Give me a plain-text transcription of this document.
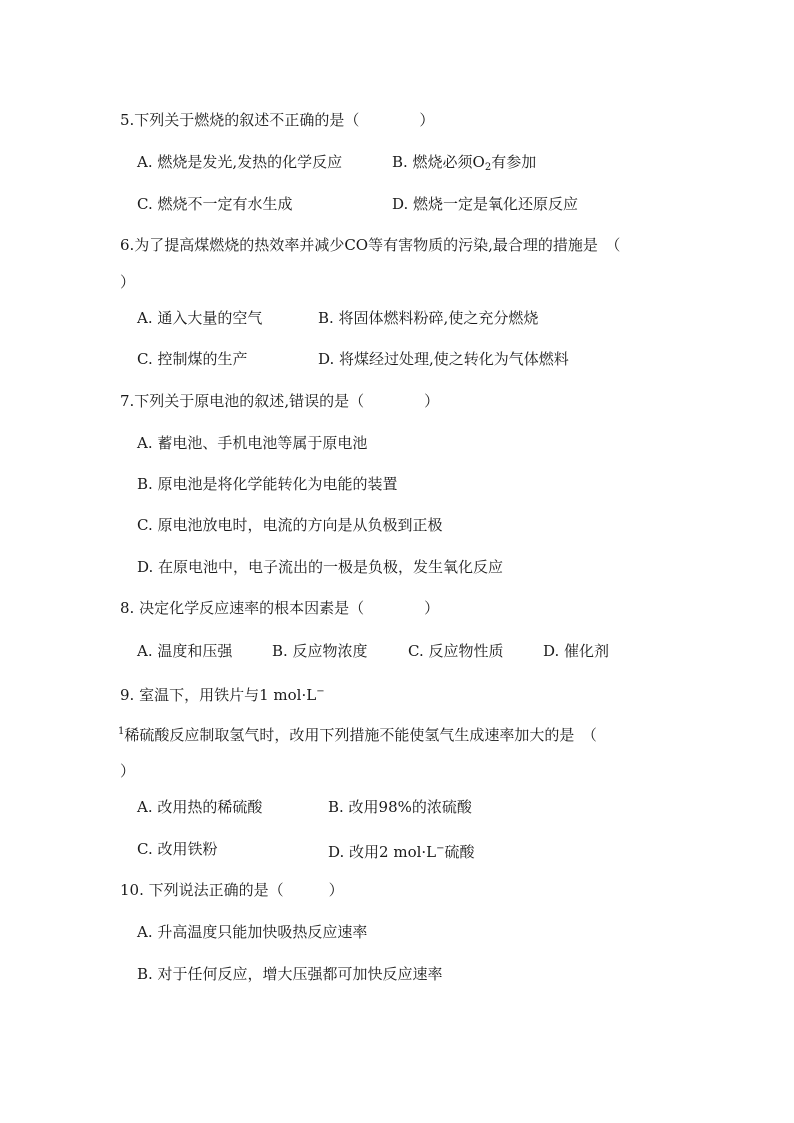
5.下列关于燃烧的叙述不正确的是（　　　　）
A. 燃烧是发光,发热的化学反应	B. 燃烧必须$O_2$有参加
C. 燃烧不一定有水生成	D. 燃烧一定是氧化还原反应
6.为了提高煤燃烧的热效率并减少CO等有害物质的污染,最合理的措施是　（
）
A. 通入大量的空气	B. 将固体燃料粉碎,使之充分燃烧
C. 控制煤的生产	D. 将煤经过处理,使之转化为气体燃料
7.下列关于原电池的叙述,错误的是（　　　　）
A. 蓄电池、手机电池等属于原电池
B. 原电池是将化学能转化为电能的装置
C. 原电池放电时，电流的方向是从负极到正极
D. 在原电池中，电子流出的一极是负极，发生氧化反应
8. 决定化学反应速率的根本因素是（　　　　）
A. 温度和压强	B. 反应物浓度	C. 反应物性质	D. 催化剂
9. 室温下，用铁片与1 mol·L−
$^1$稀硫酸反应制取氢气时，改用下列措施不能使氢气生成速率加大的是　（
）
A. 改用热的稀硫酸	B. 改用98%的浓硫酸
C. 改用铁粉	D. 改用2 mol·L−硫酸
10. 下列说法正确的是（　　　）
A. 升高温度只能加快吸热反应速率
B. 对于任何反应，增大压强都可加快反应速率
